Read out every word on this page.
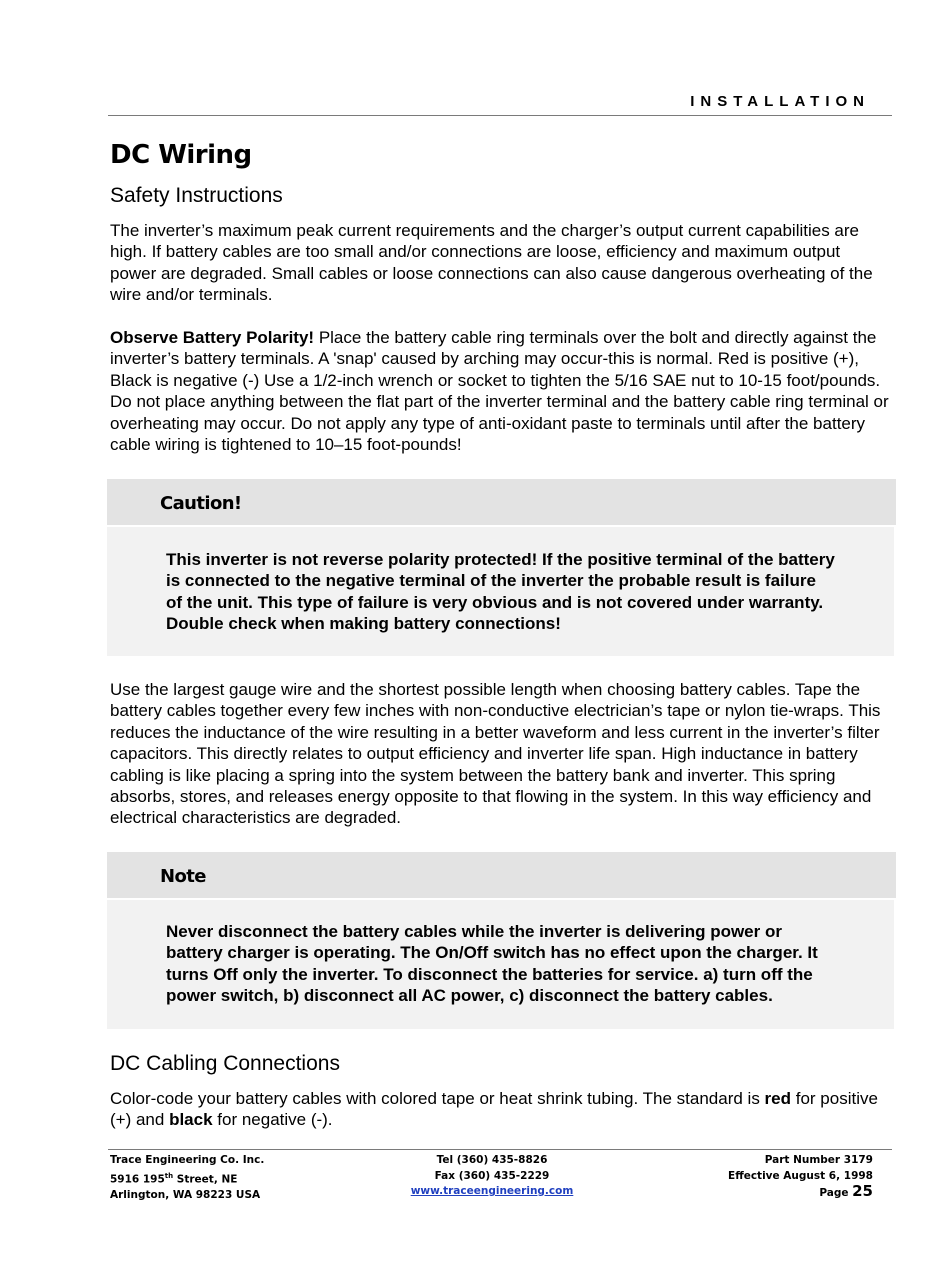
INSTALLATION
DC Wiring
Safety Instructions

The inverter’s maximum peak current requirements and the charger’s output current capabilities are high. If battery cables are too small and/or connections are loose, efficiency and maximum output power are degraded. Small cables or loose connections can also cause dangerous overheating of the wire and/or terminals.

Observe Battery Polarity! Place the battery cable ring terminals over the bolt and directly against the inverter’s battery terminals. A 'snap' caused by arching may occur-this is normal. Red is positive (+), Black is negative (-) Use a 1/2-inch wrench or socket to tighten the 5/16 SAE nut to 10-15 foot/pounds. Do not place anything between the flat part of the inverter terminal and the battery cable ring terminal or overheating may occur. Do not apply any type of anti-oxidant paste to terminals until after the battery cable wiring is tightened to 10–15 foot-pounds!

Caution!

This inverter is not reverse polarity protected! If the positive terminal of the battery is connected to the negative terminal of the inverter the probable result is failure of the unit. This type of failure is very obvious and is not covered under warranty. Double check when making battery connections!

Use the largest gauge wire and the shortest possible length when choosing battery cables. Tape the battery cables together every few inches with non-conductive electrician’s tape or nylon tie-wraps. This reduces the inductance of the wire resulting in a better waveform and less current in the inverter’s filter capacitors. This directly relates to output efficiency and inverter life span. High inductance in battery cabling is like placing a spring into the system between the battery bank and inverter. This spring absorbs, stores, and releases energy opposite to that flowing in the system. In this way efficiency and electrical characteristics are degraded.

Note

Never disconnect the battery cables while the inverter is delivering power or battery charger is operating. The On/Off switch has no effect upon the charger. It turns Off only the inverter. To disconnect the batteries for service. a) turn off the power switch, b) disconnect all AC power, c) disconnect the battery cables.

DC Cabling Connections

Color-code your battery cables with colored tape or heat shrink tubing. The standard is red for positive (+) and black for negative (-).

Trace Engineering Co. Inc.
5916 195th Street, NE
Arlington, WA 98223 USA
Tel (360) 435-8826
Fax (360) 435-2229
www.traceengineering.com
Part Number 3179
Effective August 6, 1998
Page 25
